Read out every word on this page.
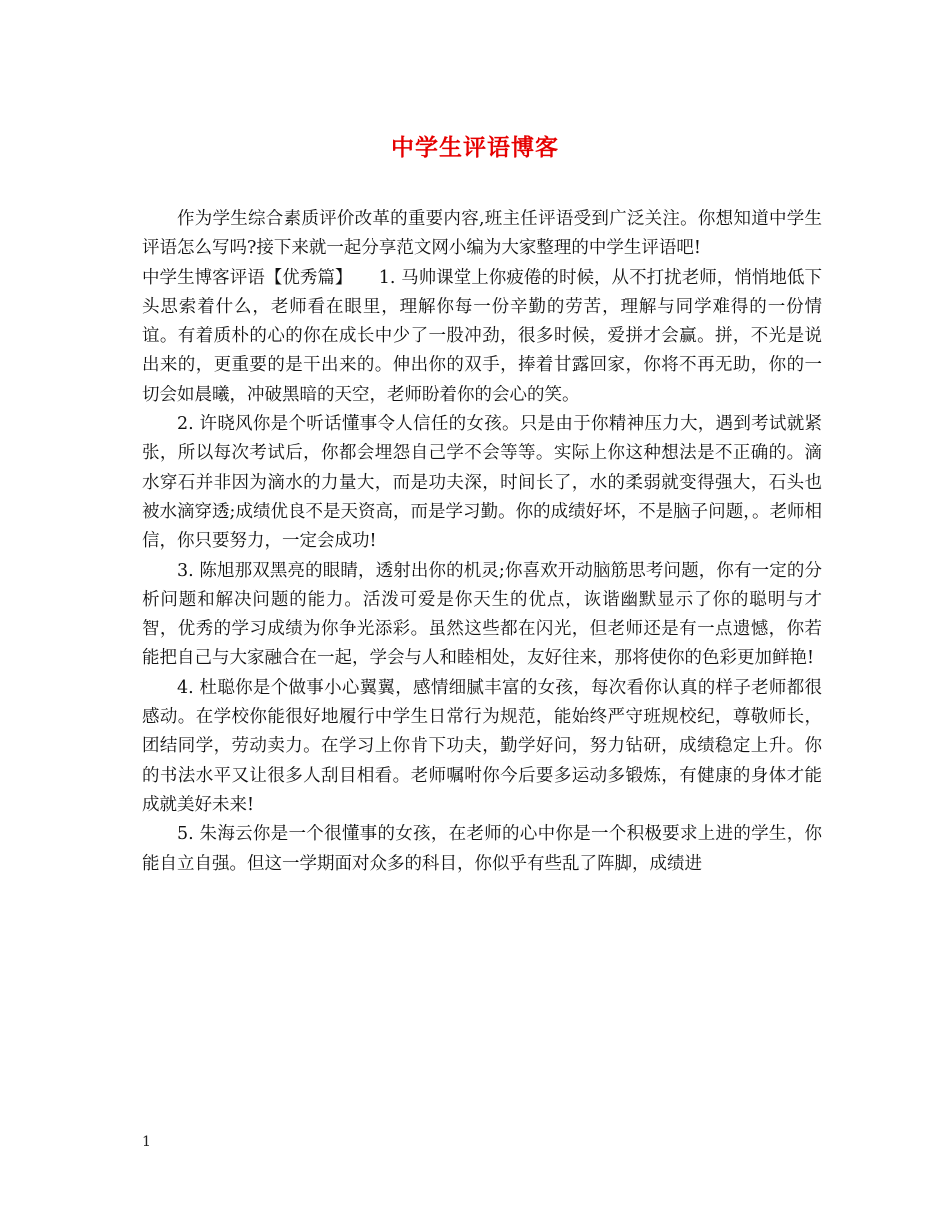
中学生评语博客

作为学生综合素质评价改革的重要内容,班主任评语受到广泛关注。你想知道中学生评语怎么写吗?接下来就一起分享范文网小编为大家整理的中学生评语吧!

中学生博客评语【优秀篇】　　1. 马帅课堂上你疲倦的时候，从不打扰老师，悄悄地低下头思索着什么，老师看在眼里，理解你每一份辛勤的劳苦，理解与同学难得的一份情谊。有着质朴的心的你在成长中少了一股冲劲，很多时候，爱拼才会赢。拼，不光是说出来的，更重要的是干出来的。伸出你的双手，捧着甘露回家，你将不再无助，你的一切会如晨曦，冲破黑暗的天空，老师盼着你的会心的笑。

2. 许晓风你是个听话懂事令人信任的女孩。只是由于你精神压力大，遇到考试就紧张，所以每次考试后，你都会埋怨自己学不会等等。实际上你这种想法是不正确的。滴水穿石并非因为滴水的力量大，而是功夫深，时间长了，水的柔弱就变得强大，石头也被水滴穿透;成绩优良不是天资高，而是学习勤。你的成绩好坏，不是脑子问题，。老师相信，你只要努力，一定会成功!

3. 陈旭那双黑亮的眼睛，透射出你的机灵;你喜欢开动脑筋思考问题，你有一定的分析问题和解决问题的能力。活泼可爱是你天生的优点，诙谐幽默显示了你的聪明与才智，优秀的学习成绩为你争光添彩。虽然这些都在闪光，但老师还是有一点遗憾，你若能把自己与大家融合在一起，学会与人和睦相处，友好往来，那将使你的色彩更加鲜艳!

4. 杜聪你是个做事小心翼翼，感情细腻丰富的女孩，每次看你认真的样子老师都很感动。在学校你能很好地履行中学生日常行为规范，能始终严守班规校纪，尊敬师长，团结同学，劳动卖力。在学习上你肯下功夫，勤学好问，努力钻研，成绩稳定上升。你的书法水平又让很多人刮目相看。老师嘱咐你今后要多运动多锻炼，有健康的身体才能成就美好未来!

5. 朱海云你是一个很懂事的女孩，在老师的心中你是一个积极要求上进的学生，你能自立自强。但这一学期面对众多的科目，你似乎有些乱了阵脚，成绩进

1
